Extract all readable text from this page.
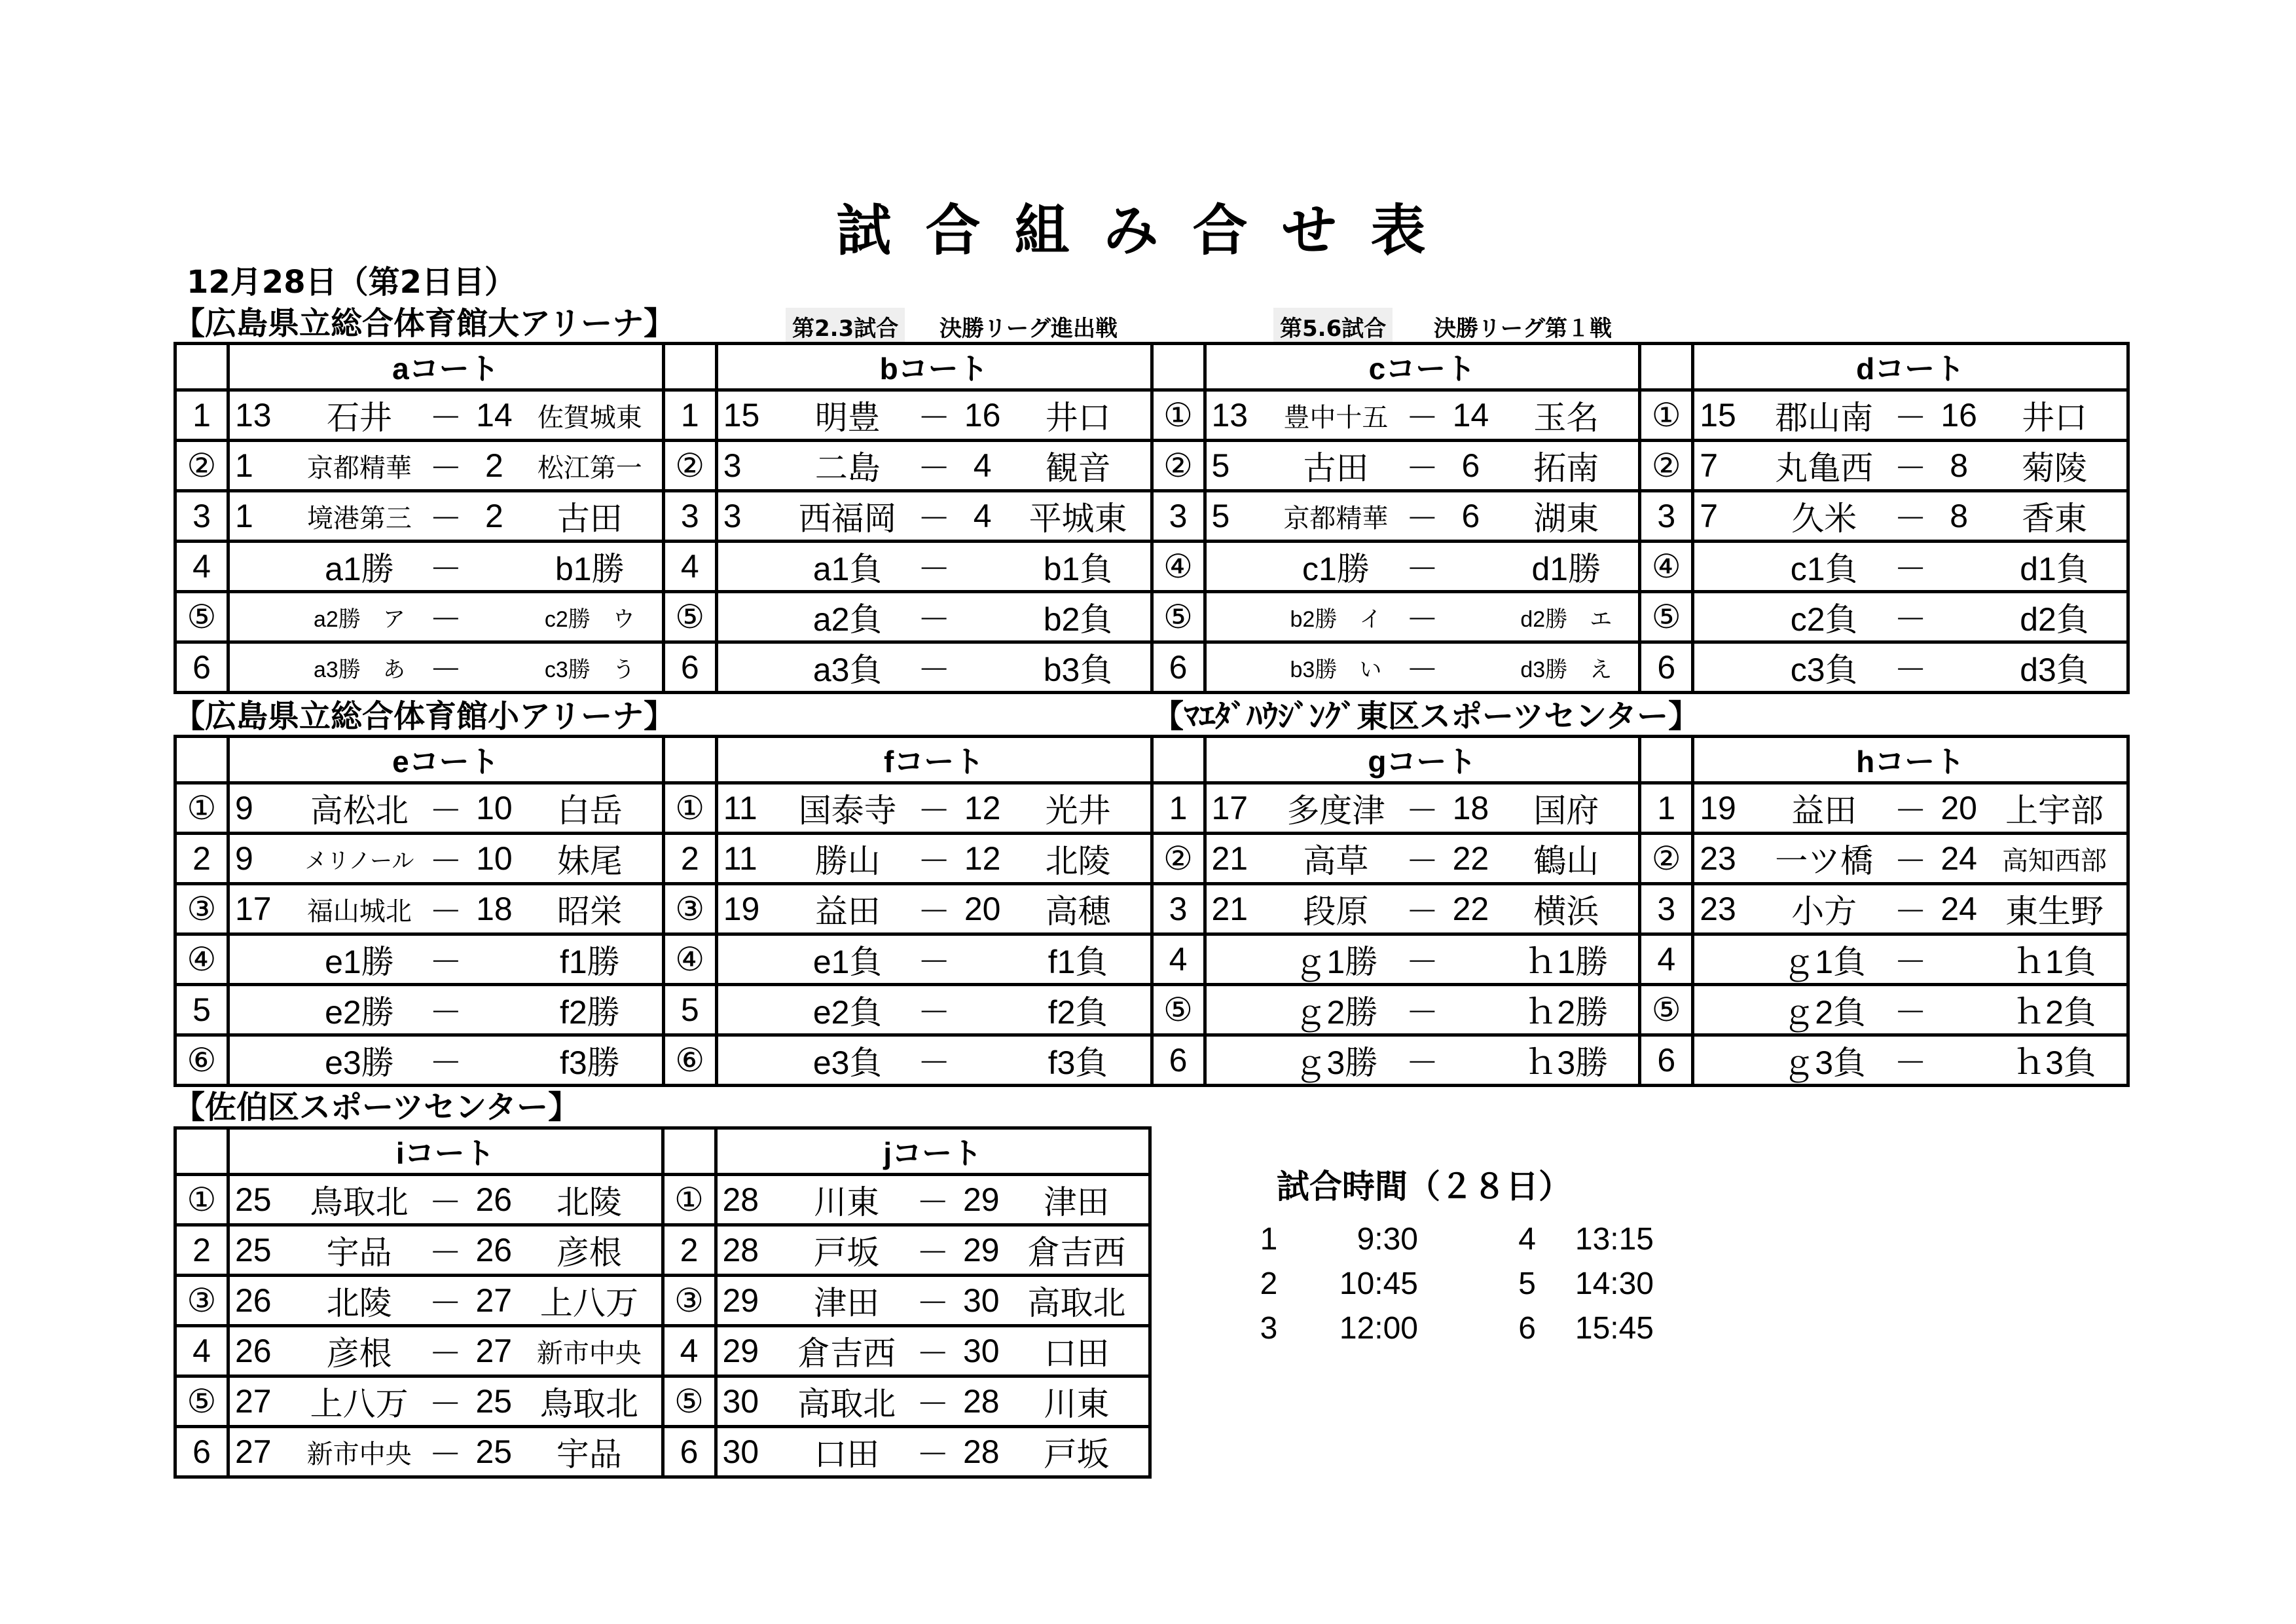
試合組み合せ表
12月28日（第2日目）
【広島県立総合体育館大アリーナ】	第2.3試合 決勝リーグ進出戦	第5.6試合 決勝リーグ第１戦
	aコート		bコート		cコート		dコート
1	13 石井 － 14 佐賀城東	1	15 明豊 － 16 井口	①	13 豊中十五 － 14 玉名	①	15 郡山南 － 16 井口

②	1 京都精華 － 2 松江第一	②	3 二島 － 4 観音	②	5 古田 － 6 拓南	②	7 丸亀西 － 8 菊陵

3	1 境港第三 － 2 古田	3	3 西福岡 － 4 平城東	3	5 京都精華 － 6 湖東	3	7 久米 － 8 香東

4	a1勝 － b1勝	4	a1負 － b1負	④	c1勝 － d1勝	④	c1負 － d1負

⑤	a2勝　ア － c2勝　ウ	⑤	a2負 － b2負	⑤	b2勝　イ － d2勝　エ	⑤	c2負 － d2負

6	a3勝　あ － c3勝　う	6	a3負 － b3負	6	b3勝　い － d3勝　え	6	c3負 － d3負
【広島県立総合体育館小アリーナ】	【ﾏｴﾀﾞﾊｳｼﾞﾝｸﾞ東区スポーツセンター】
	eコート		fコート		gコート		hコート
①	9 高松北 － 10 白岳	①	11 国泰寺 － 12 光井	1	17 多度津 － 18 国府	1	19 益田 － 20 上宇部

2	9 メリノール － 10 妹尾	2	11 勝山 － 12 北陵	②	21 高草 － 22 鶴山	②	23 一ツ橋 － 24 高知西部

③	17 福山城北 － 18 昭栄	③	19 益田 － 20 高穂	3	21 段原 － 22 横浜	3	23 小方 － 24 東生野

④	e1勝 － f1勝	④	e1負 － f1負	4	ｇ1勝 － ｈ1勝	4	ｇ1負 － ｈ1負

5	e2勝 － f2勝	5	e2負 － f2負	⑤	ｇ2勝 － ｈ2勝	⑤	ｇ2負 － ｈ2負

⑥	e3勝 － f3勝	⑥	e3負 － f3負	6	ｇ3勝 － ｈ3勝	6	ｇ3負 － ｈ3負
【佐伯区スポーツセンター】
	iコート		jコート
①	25 鳥取北 － 26 北陵	①	28 川東 － 29 津田

2	25 宇品 － 26 彦根	2	28 戸坂 － 29 倉吉西

③	26 北陵 － 27 上八万	③	29 津田 － 30 高取北

4	26 彦根 － 27 新市中央	4	29 倉吉西 － 30 口田

⑤	27 上八万 － 25 鳥取北	⑤	30 高取北 － 28 川東

6	27 新市中央 － 25 宇品	6	30 口田 － 28 戸坂
試合時間（２８日）
1	9:30	4	13:15
2	10:45	5	14:30
3	12:00	6	15:45
